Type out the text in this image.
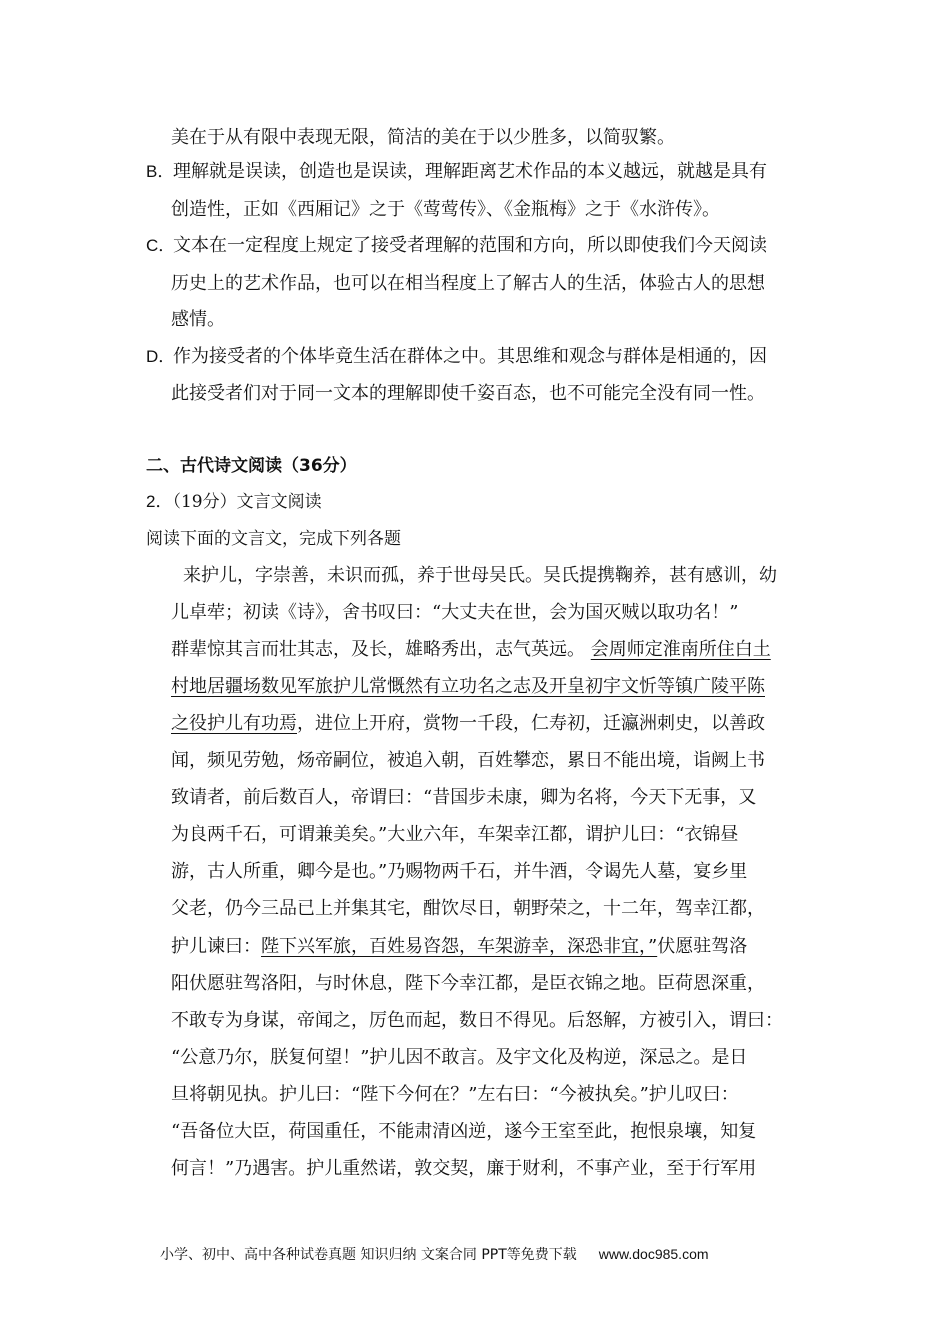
美在于从有限中表现无限，简洁的美在于以少胜多，以简驭繁。
B．
理解就是误读，创造也是误读，理解距离艺术作品的本义越远，就越是具有
创造性，正如《西厢记》之于《莺莺传》、《金瓶梅》之于《水浒传》。
C．
文本在一定程度上规定了接受者理解的范围和方向，所以即使我们今天阅读
历史上的艺术作品，也可以在相当程度上了解古人的生活，体验古人的思想
感情。
D．
作为接受者的个体毕竟生活在群体之中。其思维和观念与群体是相通的，因
此接受者们对于同一文本的理解即使千姿百态，也不可能完全没有同一性。
二、古代诗文阅读（36分）
2．（19分）文言文阅读
阅读下面的文言文，完成下列各题
来护儿，字崇善，未识而孤，养于世母吴氏。吴氏提携鞠养，甚有感训，幼
儿卓荦；初读《诗》，舍书叹曰：“大丈夫在世，会为国灭贼以取功名！”
群辈惊其言而壮其志，及长，雄略秀出，志气英远。 会周师定淮南所住白土
村地居疆场数见军旅护儿常慨然有立功名之志及开皇初宇文忻等镇广陵平陈
之役护儿有功焉，进位上开府，赏物一千段，仁寿初，迁瀛洲刺史，以善政
闻，频见劳勉，炀帝嗣位，被追入朝，百姓攀恋，累日不能出境，诣阙上书
致请者，前后数百人，帝谓曰：“昔国步未康，卿为名将，今天下无事，又
为良两千石，可谓兼美矣。”大业六年，车架幸江都，谓护儿曰：“衣锦昼
游，古人所重，卿今是也。”乃赐物两千石，并牛酒，令谒先人墓，宴乡里
父老，仍今三品已上并集其宅，酣饮尽日，朝野荣之，十二年，驾幸江都，
护儿谏曰：陛下兴军旅，百姓易咨怨，车架游幸，深恐非宜，”伏愿驻驾洛
阳伏愿驻驾洛阳，与时休息，陛下今幸江都，是臣衣锦之地。臣荷恩深重，
不敢专为身谋，帝闻之，厉色而起，数日不得见。后怒解，方被引入，谓曰：
“公意乃尔，朕复何望！”护儿因不敢言。及宇文化及构逆，深忌之。是日
旦将朝见执。护儿曰：“陛下今何在？”左右曰：“今被执矣。”护儿叹曰：
“吾备位大臣，荷国重任，不能肃清凶逆，遂今王室至此，抱恨泉壤，知复
何言！”乃遇害。护儿重然诺，敦交契，廉于财利，不事产业，至于行军用
小学、初中、高中各种试卷真题 知识归纳 文案合同 PPT等免费下载 www.doc985.com
